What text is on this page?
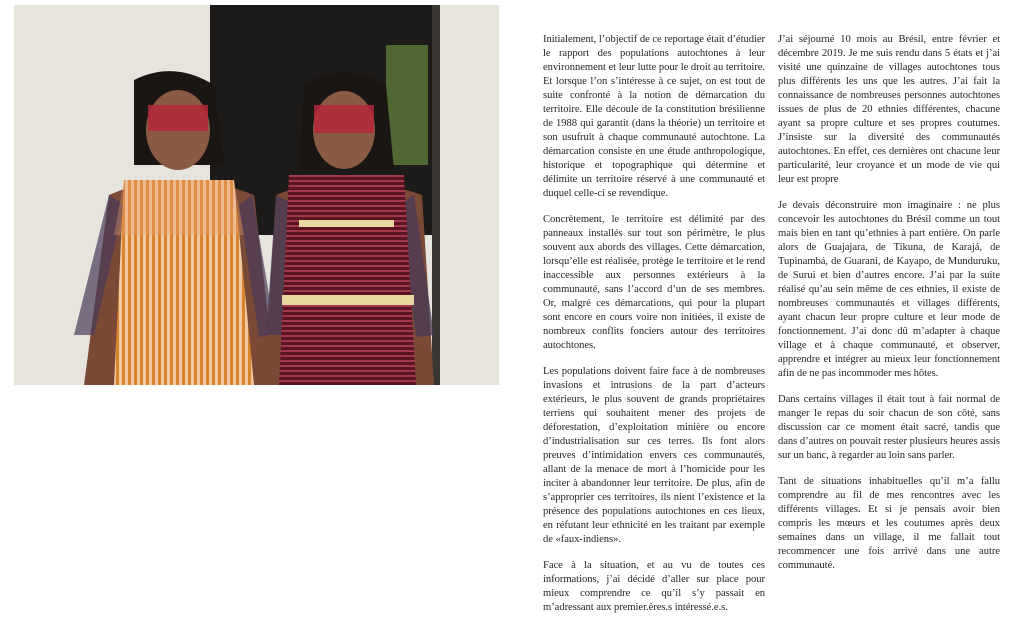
Initialement, l’objectif de ce reportage était d’étudier le rapport des populations autochtones à leur environnement et leur lutte pour le droit au territoire. Et lorsque l’on s’intéresse à ce sujet, on est tout de suite confronté à la notion de démarcation du territoire. Elle découle de la constitution brésilienne de 1988 qui garantit (dans la théorie) un territoire et son usufruit à chaque communauté autochtone. La démarcation consiste en une étude anthropologique, historique et topographique qui détermine et délimite un territoire réservé à une communauté et duquel celle-ci se revendique.

Concrètement, le territoire est délimité par des panneaux installés sur tout son périmètre, le plus souvent aux abords des villages. Cette démarcation, lorsqu’elle est réalisée, protège le territoire et le rend inaccessible aux personnes extérieurs à la communauté, sans l’accord d’un de ses membres. Or, malgré ces démarcations, qui pour la plupart sont encore en cours voire non initiées, il existe de nombreux conflits fonciers autour des territoires autochtones.

Les populations doivent faire face à de nombreuses invasions et intrusions de la part d’acteurs extérieurs, le plus souvent de grands propriétaires terriens qui souhaitent mener des projets de déforestation, d’exploitation minière ou encore d’industrialisation sur ces terres. Ils font alors preuves d’intimidation envers ces communautés, allant de la menace de mort à l’homicide pour les inciter à abandonner leur territoire. De plus, afin de s’approprier ces territoires, ils nient l’existence et la présence des populations autochtones en ces lieux, en réfutant leur ethnicité en les traitant par exemple de «faux-indiens».

Face à la situation, et au vu de toutes ces informations, j’ai décidé d’aller sur place pour mieux comprendre ce qu’il s’y passait en m’adressant aux premier.ères.s intéressé.e.s.

J’ai séjourné 10 mois au Brésil, entre février et décembre 2019. Je me suis rendu dans 5 états et j’ai visité une quinzaine de villages autochtones tous plus différents les uns que les autres. J’ai fait la connaissance de nombreuses personnes autochtones issues de plus de 20 ethnies différentes, chacune ayant sa propre culture et ses propres coutumes. J’insiste sur la diversité des communautés autochtones. En effet, ces dernières ont chacune leur particularité, leur croyance et un mode de vie qui leur est propre

Je devais déconstruire mon imaginaire : ne plus concevoir les autochtones du Brésil comme un tout mais bien en tant qu’ethnies à part entière. On parle alors de Guajajara, de Tikuna, de Karajá, de Tupinambá, de Guarani, de Kayapo, de Munduruku, de Surui et bien d’autres encore. J’ai par la suite réalisé qu’au sein même de ces ethnies, il existe de nombreuses communautés et villages différents, ayant chacun leur propre culture et leur mode de fonctionnement. J’ai donc dû m’adapter à chaque village et à chaque communauté, et observer, apprendre et intégrer au mieux leur fonctionnement afin de ne pas incommoder mes hôtes.

Dans certains villages il était tout à fait normal de manger le repas du soir chacun de son côté, sans discussion car ce moment était sacré, tandis que dans d’autres on pouvait rester plusieurs heures assis sur un banc, à regarder au loin sans parler.

Tant de situations inhabituelles qu’il m’a fallu comprendre au fil de mes rencontres avec les différents villages. Et si je pensais avoir bien compris les mœurs et les coutumes après deux semaines dans un village, il me fallait tout recommencer une fois arrivé dans une autre communauté.
